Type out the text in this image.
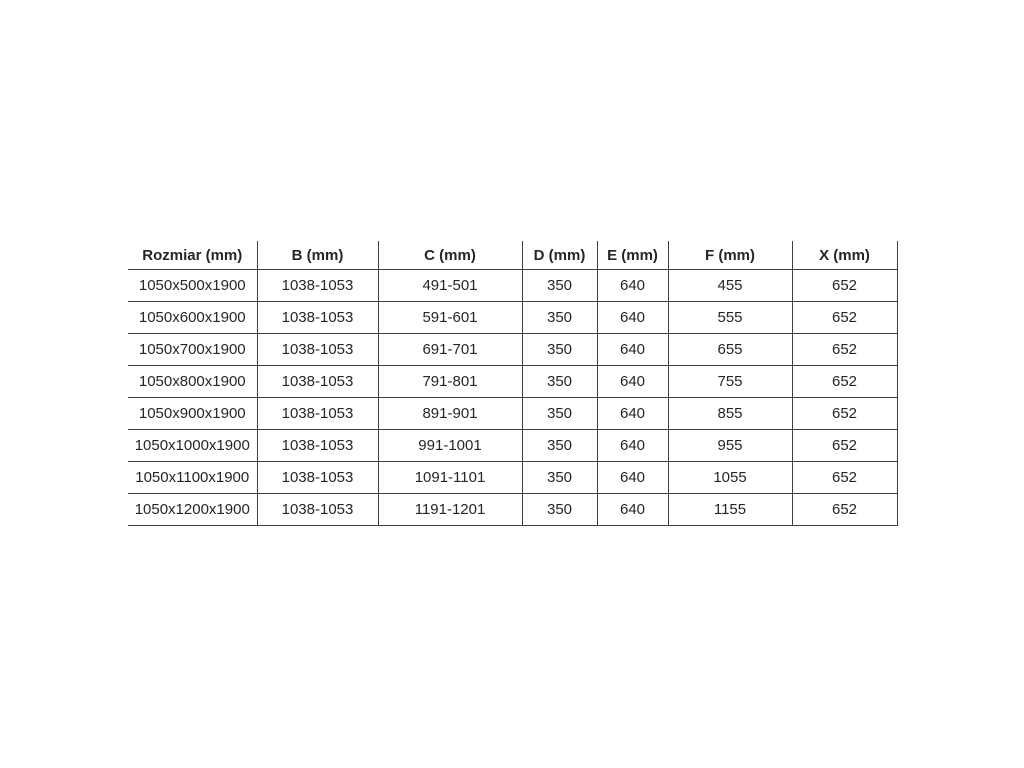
Rozmiar (mm)	B (mm)	C (mm)	D (mm)	E (mm)	F (mm)	X (mm)
1050x500x1900	1038-1053	491-501	350	640	455	652
1050x600x1900	1038-1053	591-601	350	640	555	652
1050x700x1900	1038-1053	691-701	350	640	655	652
1050x800x1900	1038-1053	791-801	350	640	755	652
1050x900x1900	1038-1053	891-901	350	640	855	652
1050x1000x1900	1038-1053	991-1001	350	640	955	652
1050x1100x1900	1038-1053	1091-1101	350	640	1055	652
1050x1200x1900	1038-1053	1191-1201	350	640	1155	652
